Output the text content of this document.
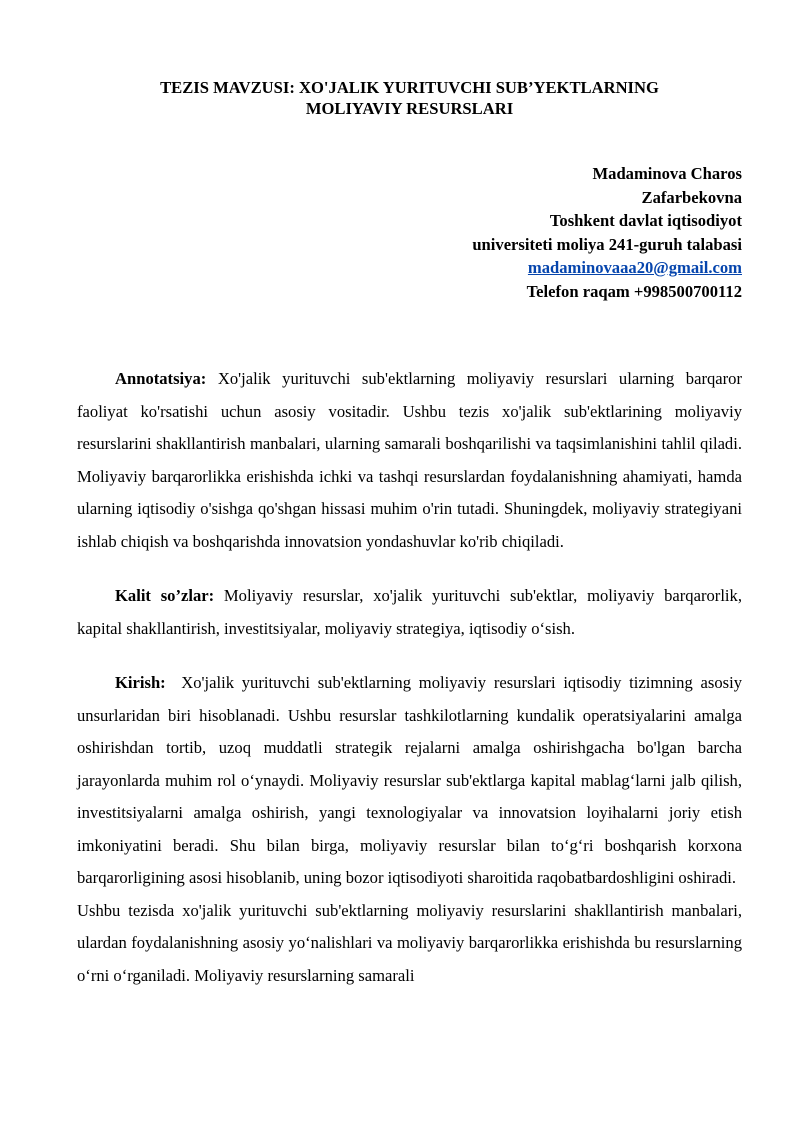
TEZIS MAVZUSI: XO'JALIK YURITUVCHI SUB’YEKTLARNING
MOLIYAVIY RESURSLARI
Madaminova Charos
Zafarbekovna
Toshkent davlat iqtisodiyot
universiteti moliya 241-guruh talabasi
madaminovaaa20@gmail.com
Telefon raqam +998500700112

Annotatsiya: Xo'jalik yurituvchi sub'ektlarning moliyaviy resurslari ularning barqaror faoliyat ko'rsatishi uchun asosiy vositadir. Ushbu tezis xo'jalik sub'ektlarining moliyaviy resurslarini shakllantirish manbalari, ularning samarali boshqarilishi va taqsimlanishini tahlil qiladi. Moliyaviy barqarorlikka erishishda ichki va tashqi resurslardan foydalanishning ahamiyati, hamda ularning iqtisodiy o'sishga qo'shgan hissasi muhim o'rin tutadi. Shuningdek, moliyaviy strategiyani ishlab chiqish va boshqarishda innovatsion yondashuvlar ko'rib chiqiladi.

Kalit so’zlar: Moliyaviy resurslar, xo'jalik yurituvchi sub'ektlar, moliyaviy barqarorlik, kapital shakllantirish, investitsiyalar, moliyaviy strategiya, iqtisodiy o‘sish.

Kirish: Xo'jalik yurituvchi sub'ektlarning moliyaviy resurslari iqtisodiy tizimning asosiy unsurlaridan biri hisoblanadi. Ushbu resurslar tashkilotlarning kundalik operatsiyalarini amalga oshirishdan tortib, uzoq muddatli strategik rejalarni amalga oshirishgacha bo'lgan barcha jarayonlarda muhim rol o‘ynaydi. Moliyaviy resurslar sub'ektlarga kapital mablag‘larni jalb qilish, investitsiyalarni amalga oshirish, yangi texnologiyalar va innovatsion loyihalarni joriy etish imkoniyatini beradi. Shu bilan birga, moliyaviy resurslar bilan to‘g‘ri boshqarish korxona barqarorligining asosi hisoblanib, uning bozor iqtisodiyoti sharoitida raqobatbardoshligini oshiradi.

Ushbu tezisda xo'jalik yurituvchi sub'ektlarning moliyaviy resurslarini shakllantirish manbalari, ulardan foydalanishning asosiy yo‘nalishlari va moliyaviy barqarorlikka erishishda bu resurslarning o‘rni o‘rganiladi. Moliyaviy resurslarning samarali
